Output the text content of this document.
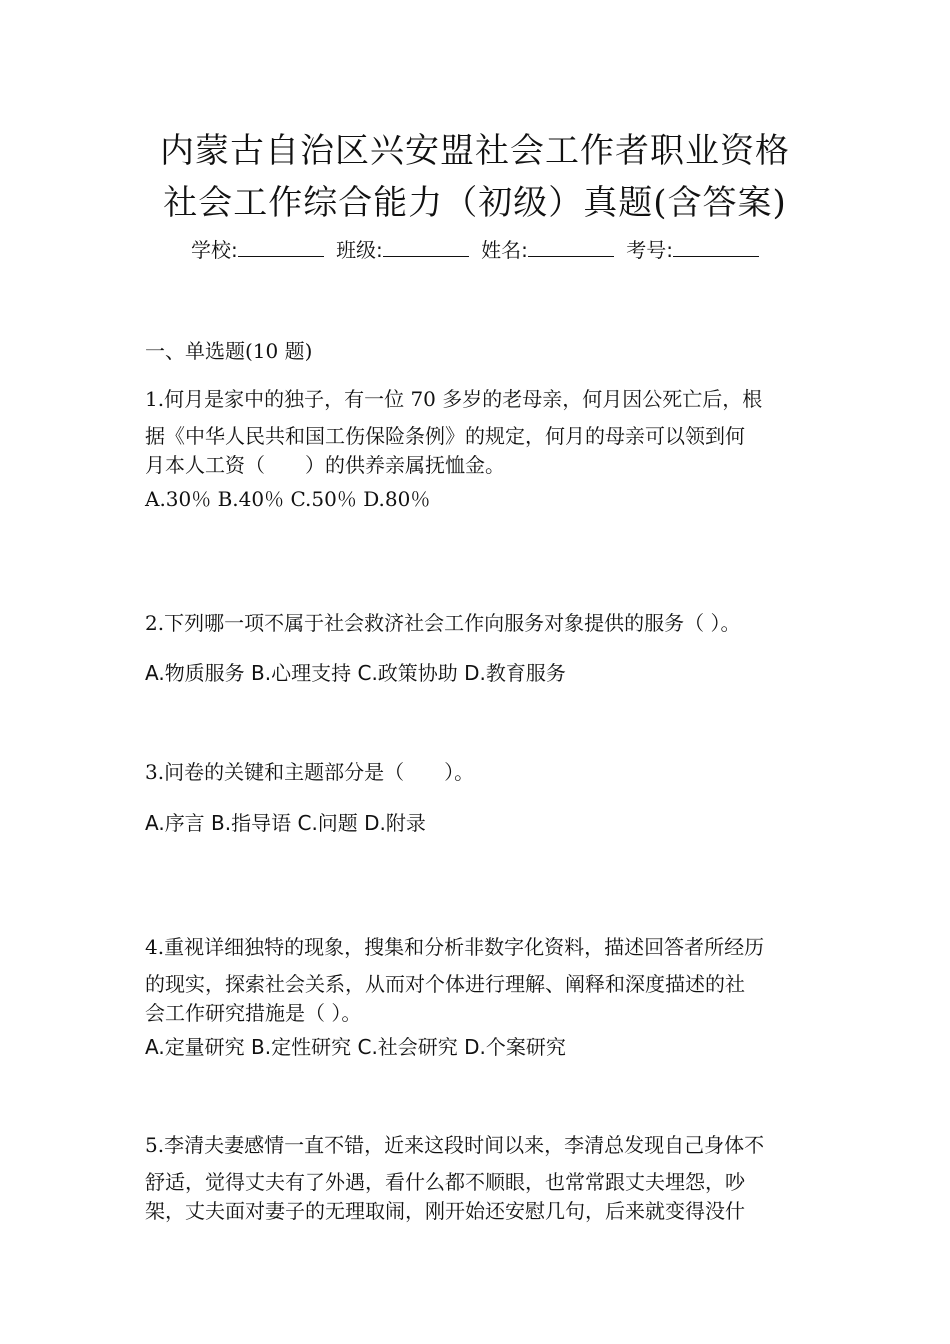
内蒙古自治区兴安盟社会工作者职业资格
社会工作综合能力（初级）真题(含答案)
学校:	班级:	姓名:	考号:
一、单选题(10 题)
1.何月是家中的独子，有一位 70 多岁的老母亲，何月因公死亡后，根
据《中华人民共和国工伤保险条例》的规定，何月的母亲可以领到何
月本人工资（　　）的供养亲属抚恤金。
A.30％ B.40％ C.50％ D.80％
2.下列哪一项不属于社会救济社会工作向服务对象提供的服务（ ）。
A.物质服务 B.心理支持 C.政策协助 D.教育服务
3.问卷的关键和主题部分是（　　）。
A.序言 B.指导语 C.问题 D.附录
4.重视详细独特的现象，搜集和分析非数字化资料，描述回答者所经历
的现实，探索社会关系，从而对个体进行理解、阐释和深度描述的社
会工作研究措施是（ ）。
A.定量研究 B.定性研究 C.社会研究 D.个案研究
5.李清夫妻感情一直不错，近来这段时间以来，李清总发现自己身体不
舒适，觉得丈夫有了外遇，看什么都不顺眼，也常常跟丈夫埋怨，吵
架，丈夫面对妻子的无理取闹，刚开始还安慰几句，后来就变得没什
